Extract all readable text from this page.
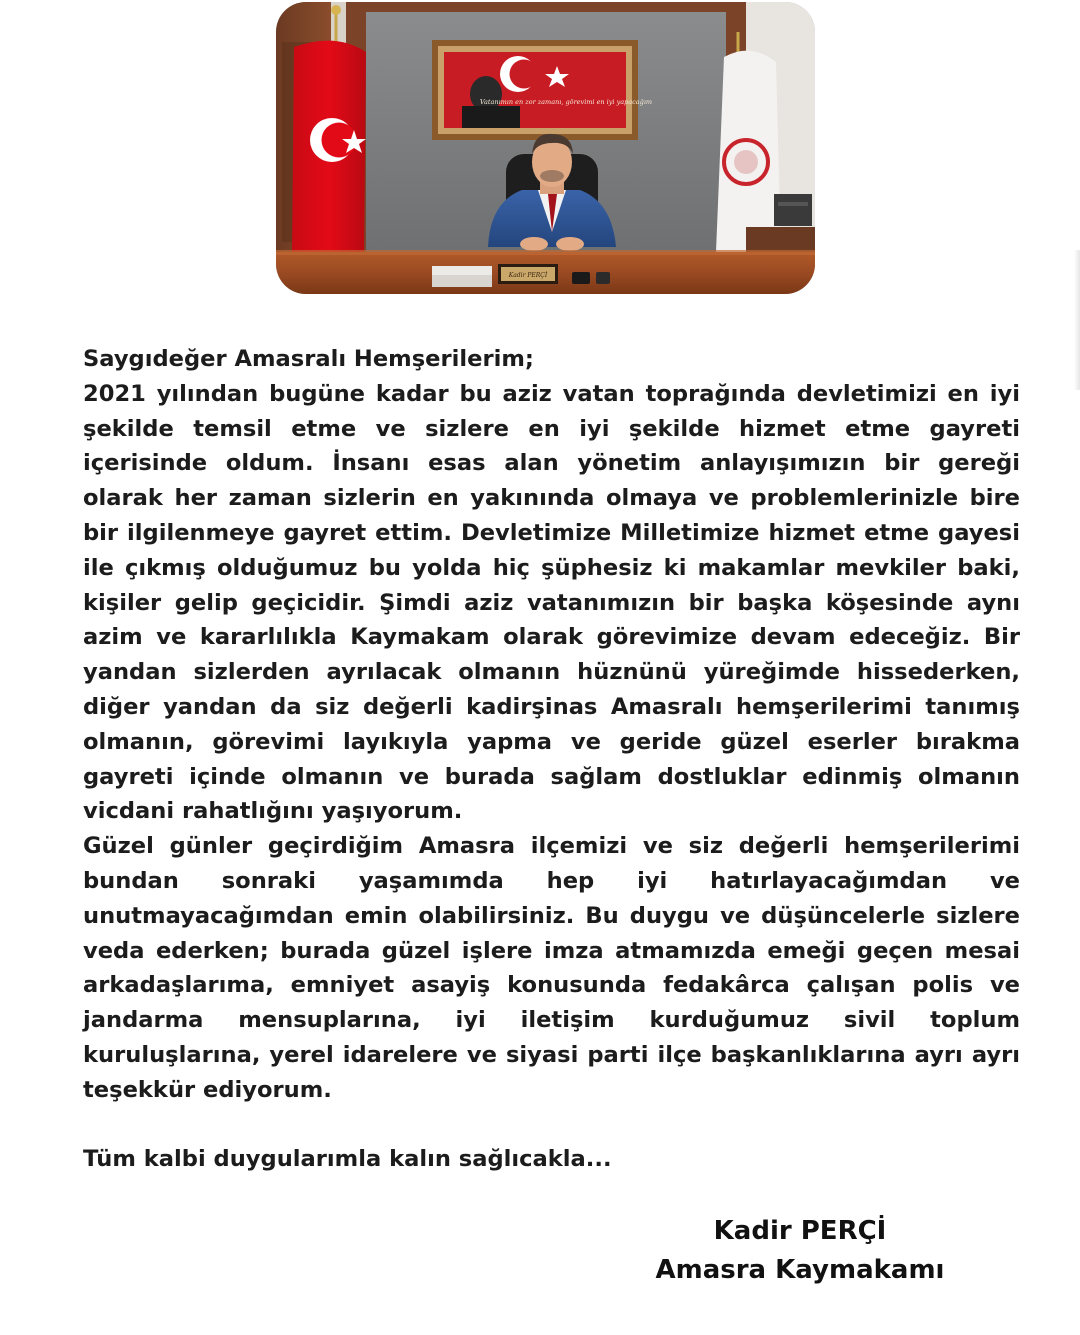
Vatanımın en zor zamanı, görevimi en iyi yapacağım
Kadir PERÇİ

Saygıdeğer Amasralı Hemşerilerim;

2021 yılından bugüne kadar bu aziz vatan toprağında devletimizi en iyi şekilde temsil etme ve sizlere en iyi şekilde hizmet etme gayreti içerisinde oldum. İnsanı esas alan yönetim anlayışımızın bir gereği olarak her zaman sizlerin en yakınında olmaya ve problemlerinizle bire bir ilgilenmeye gayret ettim. Devletimize Milletimize hizmet etme gayesi ile çıkmış olduğumuz bu yolda hiç şüphesiz ki makamlar mevkiler baki, kişiler gelip geçicidir. Şimdi aziz vatanımızın bir başka köşesinde aynı azim ve kararlılıkla Kaymakam olarak görevimize devam edeceğiz. Bir yandan sizlerden ayrılacak olmanın hüznünü yüreğimde hissederken, diğer yandan da siz değerli kadirşinas Amasralı hemşerilerimi tanımış olmanın, görevimi layıkıyla yapma ve geride güzel eserler bırakma gayreti içinde olmanın ve burada sağlam dostluklar edinmiş olmanın vicdani rahatlığını yaşıyorum.

Güzel günler geçirdiğim Amasra ilçemizi ve siz değerli hemşerilerimi bundan sonraki yaşamımda hep iyi hatırlayacağımdan ve unutmayacağımdan emin olabilirsiniz. Bu duygu ve düşüncelerle sizlere veda ederken; burada güzel işlere imza atmamızda emeği geçen mesai arkadaşlarıma, emniyet asayiş konusunda fedakârca çalışan polis ve jandarma mensuplarına, iyi iletişim kurduğumuz sivil toplum kuruluşlarına, yerel idarelere ve siyasi parti ilçe başkanlıklarına ayrı ayrı teşekkür ediyorum.

Tüm kalbi duygularımla kalın sağlıcakla...

Kadir PERÇİ
Amasra Kaymakamı
